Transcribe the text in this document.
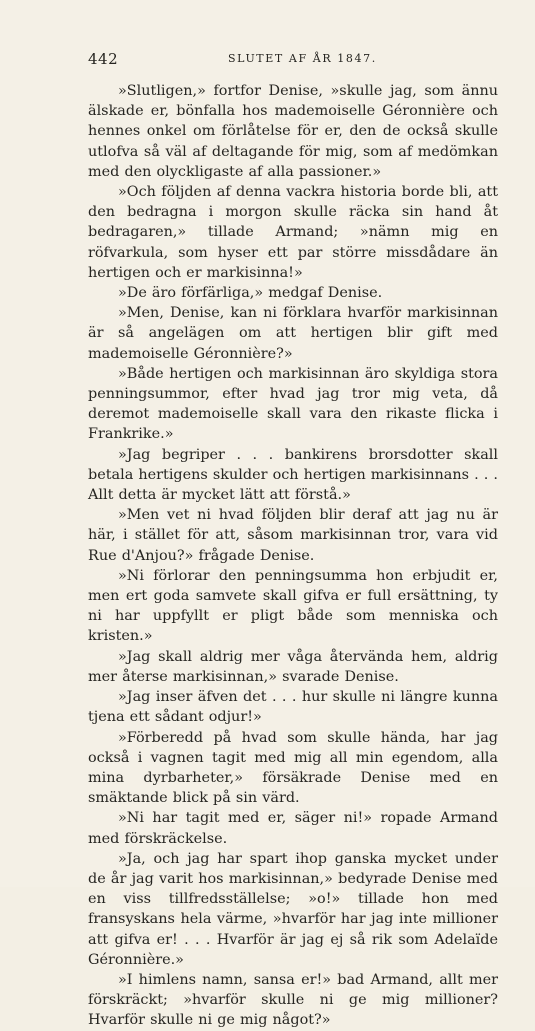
442	SLUTET AF ÅR 1847.

»Slutligen,» fortfor Denise, »skulle jag, som ännu älskade er, bönfalla hos mademoiselle Géronnière och hennes onkel om förlåtelse för er, den de också skulle utlofva så väl af deltagande för mig, som af medömkan med den olyckligaste af alla passioner.»

»Och följden af denna vackra historia borde bli, att den bedragna i morgon skulle räcka sin hand åt bedragaren,» tillade Armand; »nämn mig en röfvarkula, som hyser ett par större missdådare än hertigen och er markisinna!»

»De äro förfärliga,» medgaf Denise.

»Men, Denise, kan ni förklara hvarför markisinnan är så angelägen om att hertigen blir gift med mademoiselle Géronnière?»

»Både hertigen och markisinnan äro skyldiga stora penningsummor, efter hvad jag tror mig veta, då deremot mademoiselle skall vara den rikaste flicka i Frankrike.»

»Jag begriper . . . bankirens brorsdotter skall betala hertigens skulder och hertigen markisinnans . . . Allt detta är mycket lätt att förstå.»

»Men vet ni hvad följden blir deraf att jag nu är här, i stället för att, såsom markisinnan tror, vara vid Rue d'Anjou?» frågade Denise.

»Ni förlorar den penningsumma hon erbjudit er, men ert goda samvete skall gifva er full ersättning, ty ni har uppfyllt er pligt både som menniska och kristen.»

»Jag skall aldrig mer våga återvända hem, aldrig mer återse markisinnan,» svarade Denise.

»Jag inser äfven det . . . hur skulle ni längre kunna tjena ett sådant odjur!»

»Förberedd på hvad som skulle hända, har jag också i vagnen tagit med mig all min egendom, alla mina dyrbarheter,» försäkrade Denise med en smäktande blick på sin värd.

»Ni har tagit med er, säger ni!» ropade Armand med förskräckelse.

»Ja, och jag har spart ihop ganska mycket under de år jag varit hos markisinnan,» bedyrade Denise med en viss tillfredsställelse; »o!» tillade hon med fransyskans hela värme, »hvarför har jag inte millioner att gifva er! . . . Hvarför är jag ej så rik som Adelaïde Géronnière.»

»I himlens namn, sansa er!» bad Armand, allt mer förskräckt; »hvarför skulle ni ge mig millioner? Hvarför skulle ni ge mig något?»
